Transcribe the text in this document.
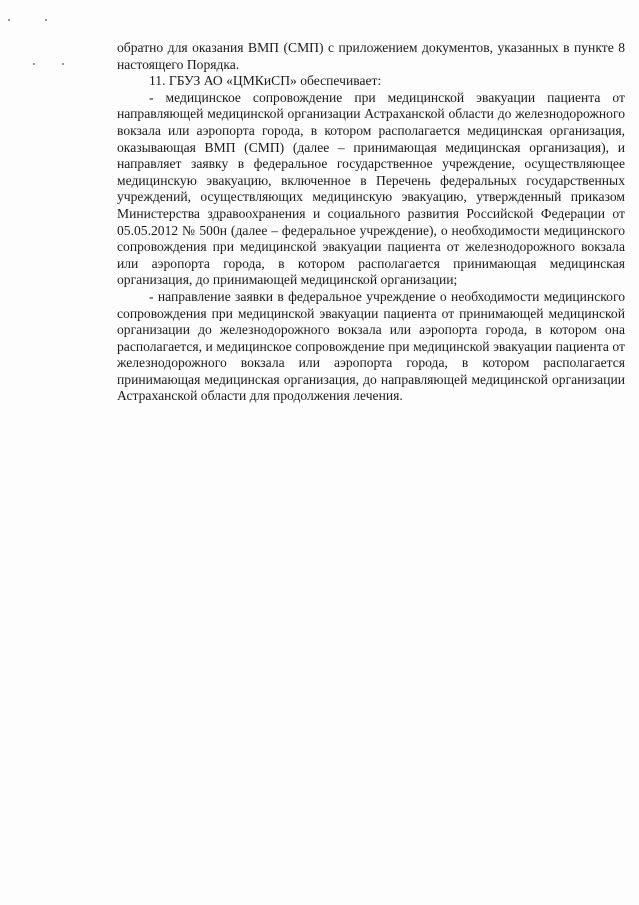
обратно для оказания ВМП (СМП) с приложением документов, указанных в пункте 8 настоящего Порядка.

11. ГБУЗ АО «ЦМКиСП» обеспечивает:

- медицинское сопровождение при медицинской эвакуации пациента от направляющей медицинской организации Астраханской области до железнодорожного вокзала или аэропорта города, в котором располагается медицинская организация, оказывающая ВМП (СМП) (далее – принимающая медицинская организация), и направляет заявку в федеральное государственное учреждение, осуществляющее медицинскую эвакуацию, включенное в Перечень федеральных государственных учреждений, осуществляющих медицинскую эвакуацию, утвержденный приказом Министерства здравоохранения и социального развития Российской Федерации от 05.05.2012 № 500н (далее – федеральное учреждение), о необходимости медицинского сопровождения при медицинской эвакуации пациента от железнодорожного вокзала или аэропорта города, в котором располагается принимающая медицинская организация, до принимающей медицинской организации;

- направление заявки в федеральное учреждение о необходимости медицинского сопровождения при медицинской эвакуации пациента от принимающей медицинской организации до железнодорожного вокзала или аэропорта города, в котором она располагается, и медицинское сопровождение при медицинской эвакуации пациента от железнодорожного вокзала или аэропорта города, в котором располагается принимающая медицинская организация, до направляющей медицинской организации Астраханской области для продолжения лечения.
